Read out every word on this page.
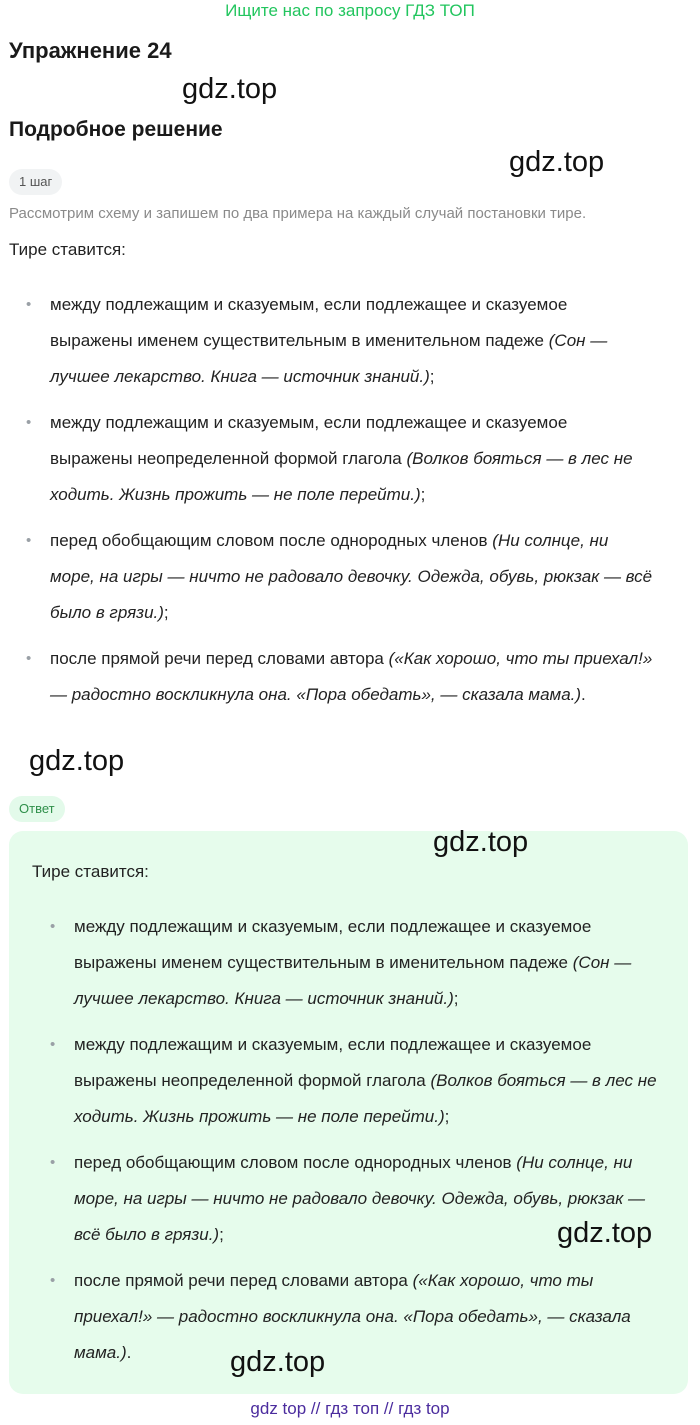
Ищите нас по запросу ГДЗ ТОП
Упражнение 24
gdz.top
Подробное решение
gdz.top
1 шаг

Рассмотрим схему и запишем по два примера на каждый случай постановки тире.

Тире ставится:

• между подлежащим и сказуемым, если подлежащее и сказуемое выражены именем существительным в именительном падеже (Сон — лучшее лекарство. Книга — источник знаний.);
• между подлежащим и сказуемым, если подлежащее и сказуемое выражены неопределенной формой глагола (Волков бояться — в лес не ходить. Жизнь прожить — не поле перейти.);
• перед обобщающим словом после однородных членов (Ни солнце, ни море, на игры — ничто не радовало девочку. Одежда, обувь, рюкзак — всё было в грязи.);
• после прямой речи перед словами автора («Как хорошо, что ты приехал!» — радостно воскликнула она. «Пора обедать», — сказала мама.).
gdz.top
Ответ
gdz.top

Тире ставится:

• между подлежащим и сказуемым, если подлежащее и сказуемое выражены именем существительным в именительном падеже (Сон — лучшее лекарство. Книга — источник знаний.);
• между подлежащим и сказуемым, если подлежащее и сказуемое выражены неопределенной формой глагола (Волков бояться — в лес не ходить. Жизнь прожить — не поле перейти.);
• перед обобщающим словом после однородных членов (Ни солнце, ни море, на игры — ничто не радовало девочку. Одежда, обувь, рюкзак — всё было в грязи.);
• после прямой речи перед словами автора («Как хорошо, что ты приехал!» — радостно воскликнула она. «Пора обедать», — сказала мама.).
gdz.top
gdz.top
gdz top // гдз топ // гдз top
